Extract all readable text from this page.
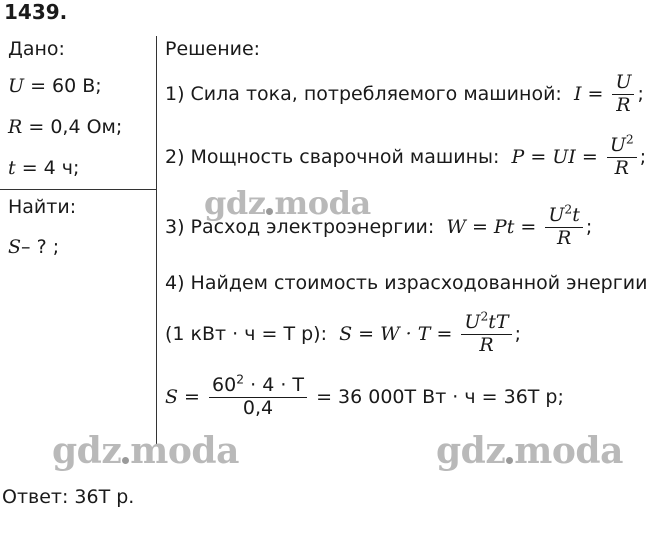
1439.
Дано:
U = 60 В;
R = 0,4 Ом;
t = 4 ч;
Найти:
S– ? ;
Решение:
1) Сила тока, потребляемого машиной: $I = \frac{U}{R}$ ;
2) Мощность сварочной машины: P = UI = $\frac{U^2}{R}$ ;
3) Расход электроэнергии: $W = Pt = \frac{U^2t}{R}$ ;
4) Найдем стоимость израсходованной энергии
(1 кВт · ч = T р): $S = W \cdot T = \frac{U^2tT}{R}$ ;
$S = \frac{60^2 \cdot 4 \cdot T}{0,4} = 36$ 000T Вт · ч = 36T р;
gdz moda
gdz moda	gdz moda
Ответ: 36T р.
